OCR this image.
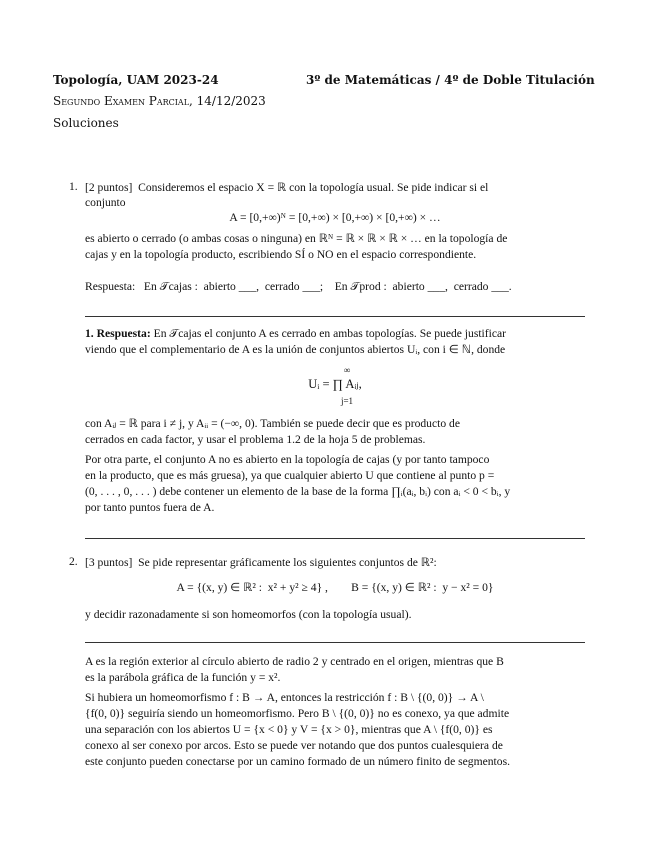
Topología, UAM 2023-24	3º de Matemáticas / 4º de Doble Titulación
Segundo Examen Parcial, 14/12/2023
Soluciones
1. [2 puntos] Consideremos el espacio X = ℝ con la topología usual. Se pide indicar si el
conjunto
A = [0,+∞)ᴺ = [0,+∞) × [0,+∞) × [0,+∞) × …
es abierto o cerrado (o ambas cosas o ninguna) en ℝᴺ = ℝ × ℝ × ℝ × … en la topología de
cajas y en la topología producto, escribiendo SÍ o NO en el espacio correspondiente.
Respuesta:   En 𝒯cajas :  abierto ___,  cerrado ___;    En 𝒯prod :  abierto ___,  cerrado ___.
1. Respuesta: En 𝒯cajas el conjunto A es cerrado en ambas topologías. Se puede justificar
viendo que el complementario de A es la unión de conjuntos abiertos Uᵢ, con i ∈ ℕ, donde
∞
Uᵢ = ∏ Aᵢⱼ,
j=1
con Aᵢⱼ = ℝ para i ≠ j, y Aᵢᵢ = (−∞, 0). También se puede decir que es producto de
cerrados en cada factor, y usar el problema 1.2 de la hoja 5 de problemas.
Por otra parte, el conjunto A no es abierto en la topología de cajas (y por tanto tampoco
en la producto, que es más gruesa), ya que cualquier abierto U que contiene al punto p =
(0, . . . , 0, . . . ) debe contener un elemento de la base de la forma ∏ᵢ(aᵢ, bᵢ) con aᵢ < 0 < bᵢ, y
por tanto puntos fuera de A.
2. [3 puntos] Se pide representar gráficamente los siguientes conjuntos de ℝ²:
A = {(x, y) ∈ ℝ² :  x² + y² ≥ 4} ,        B = {(x, y) ∈ ℝ² :  y − x² = 0}
y decidir razonadamente si son homeomorfos (con la topología usual).
A es la región exterior al círculo abierto de radio 2 y centrado en el origen, mientras que B
es la parábola gráfica de la función y = x².
Si hubiera un homeomorfismo f : B → A, entonces la restricción f : B \ {(0, 0)} → A \
{f(0, 0)} seguiría siendo un homeomorfismo. Pero B \ {(0, 0)} no es conexo, ya que admite
una separación con los abiertos U = {x < 0} y V = {x > 0}, mientras que A \ {f(0, 0)} es
conexo al ser conexo por arcos. Esto se puede ver notando que dos puntos cualesquiera de
este conjunto pueden conectarse por un camino formado de un número finito de segmentos.
